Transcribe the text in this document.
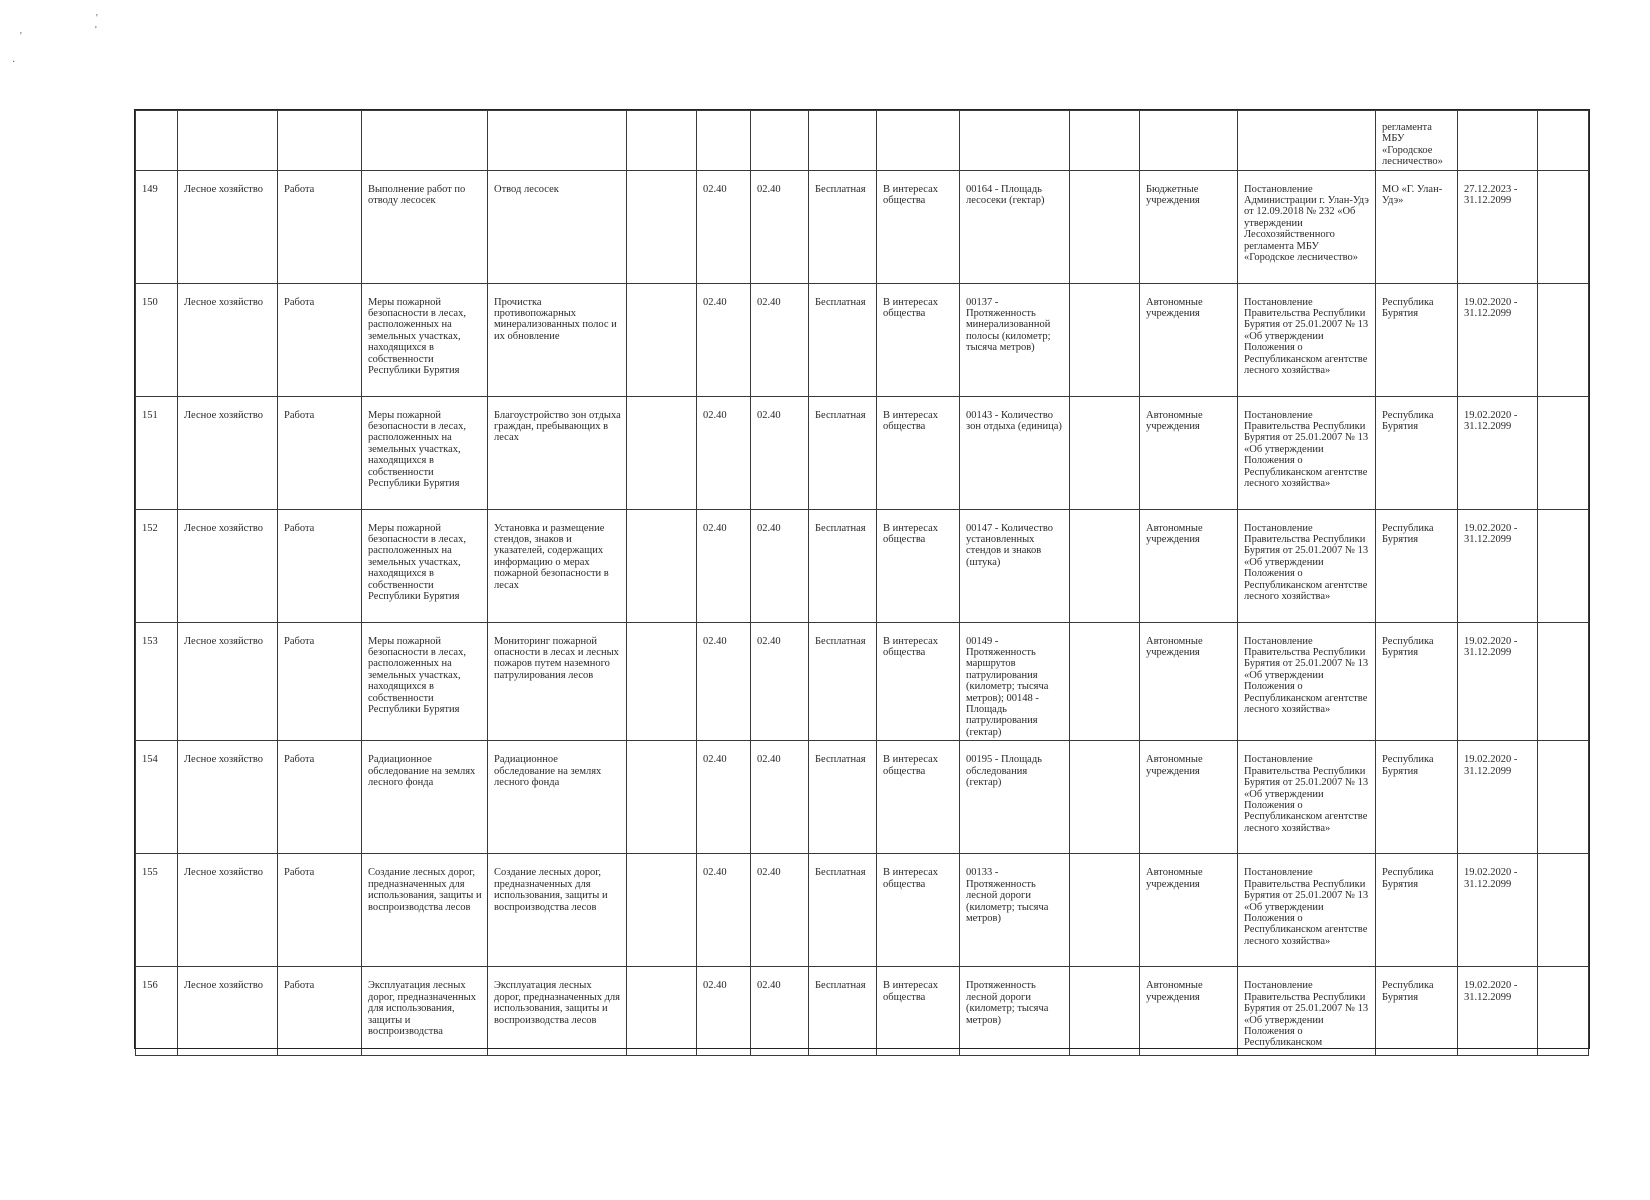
'
'
'
·
														регламента МБУ «Городское лесничество»		
149	Лесное хозяйство	Работа	Выполнение работ по отводу лесосек	Отвод лесосек		02.40	02.40	Бесплатная	В интересах общества	00164 - Площадь лесосеки (гектар)		Бюджетные учреждения	Постановление Администрации г. Улан-Удэ от 12.09.2018 № 232 «Об утверждении Лесохозяйственного регламента МБУ «Городское лесничество»	МО «Г. Улан-Удэ»	27.12.2023 - 31.12.2099	
150	Лесное хозяйство	Работа	Меры пожарной безопасности в лесах, расположенных на земельных участках, находящихся в собственности Республики Бурятия	Прочистка противопожарных минерализованных полос и их обновление		02.40	02.40	Бесплатная	В интересах общества	00137 - Протяженность минерализованной полосы (километр; тысяча метров)		Автономные учреждения	Постановление Правительства Республики Бурятия от 25.01.2007 № 13 «Об утверждении Положения о Республиканском агентстве лесного хозяйства»	Республика Бурятия	19.02.2020 - 31.12.2099	
151	Лесное хозяйство	Работа	Меры пожарной безопасности в лесах, расположенных на земельных участках, находящихся в собственности Республики Бурятия	Благоустройство зон отдыха граждан, пребывающих в лесах		02.40	02.40	Бесплатная	В интересах общества	00143 - Количество зон отдыха (единица)		Автономные учреждения	Постановление Правительства Республики Бурятия от 25.01.2007 № 13 «Об утверждении Положения о Республиканском агентстве лесного хозяйства»	Республика Бурятия	19.02.2020 - 31.12.2099	
152	Лесное хозяйство	Работа	Меры пожарной безопасности в лесах, расположенных на земельных участках, находящихся в собственности Республики Бурятия	Установка и размещение стендов, знаков и указателей, содержащих информацию о мерах пожарной безопасности в лесах		02.40	02.40	Бесплатная	В интересах общества	00147 - Количество установленных стендов и знаков (штука)		Автономные учреждения	Постановление Правительства Республики Бурятия от 25.01.2007 № 13 «Об утверждении Положения о Республиканском агентстве лесного хозяйства»	Республика Бурятия	19.02.2020 - 31.12.2099	
153	Лесное хозяйство	Работа	Меры пожарной безопасности в лесах, расположенных на земельных участках, находящихся в собственности Республики Бурятия	Мониторинг пожарной опасности в лесах и лесных пожаров путем наземного патрулирования лесов		02.40	02.40	Бесплатная	В интересах общества	00149 - Протяженность маршрутов патрулирования (километр; тысяча метров); 00148 - Площадь патрулирования (гектар)		Автономные учреждения	Постановление Правительства Республики Бурятия от 25.01.2007 № 13 «Об утверждении Положения о Республиканском агентстве лесного хозяйства»	Республика Бурятия	19.02.2020 - 31.12.2099	
154	Лесное хозяйство	Работа	Радиационное обследование на землях лесного фонда	Радиационное обследование на землях лесного фонда		02.40	02.40	Бесплатная	В интересах общества	00195 - Площадь обследования (гектар)		Автономные учреждения	Постановление Правительства Республики Бурятия от 25.01.2007 № 13 «Об утверждении Положения о Республиканском агентстве лесного хозяйства»	Республика Бурятия	19.02.2020 - 31.12.2099	
155	Лесное хозяйство	Работа	Создание лесных дорог, предназначенных для использования, защиты и воспроизводства лесов	Создание лесных дорог, предназначенных для использования, защиты и воспроизводства лесов		02.40	02.40	Бесплатная	В интересах общества	00133 - Протяженность лесной дороги (километр; тысяча метров)		Автономные учреждения	Постановление Правительства Республики Бурятия от 25.01.2007 № 13 «Об утверждении Положения о Республиканском агентстве лесного хозяйства»	Республика Бурятия	19.02.2020 - 31.12.2099	
156	Лесное хозяйство	Работа	Эксплуатация лесных дорог, предназначенных для использования, защиты и воспроизводства	Эксплуатация лесных дорог, предназначенных для использования, защиты и воспроизводства лесов		02.40	02.40	Бесплатная	В интересах общества	Протяженность лесной дороги (километр; тысяча метров)		Автономные учреждения	Постановление Правительства Республики Бурятия от 25.01.2007 № 13 «Об утверждении Положения о Республиканском	Республика Бурятия	19.02.2020 - 31.12.2099	
